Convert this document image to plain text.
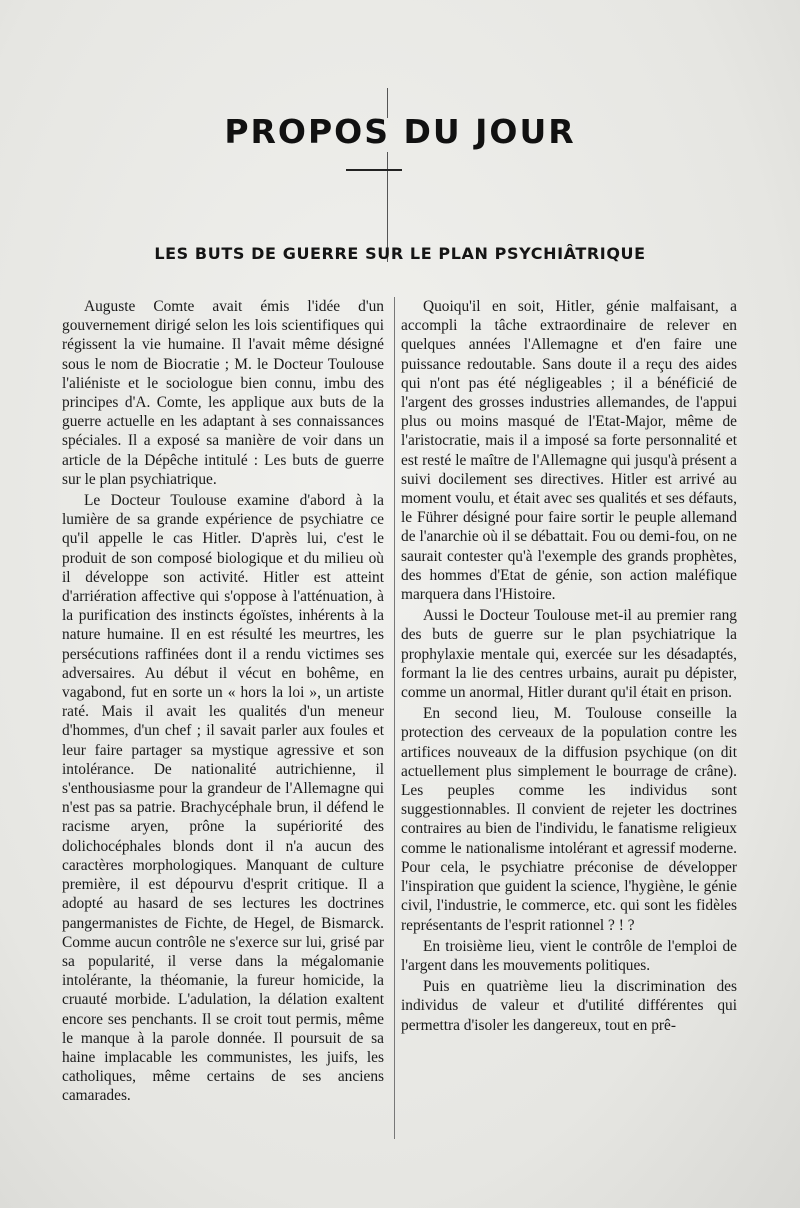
PROPOS DU JOUR
LES BUTS DE GUERRE SUR LE PLAN PSYCHIÂTRIQUE

Auguste Comte avait émis l'idée d'un gouvernement dirigé selon les lois scientifiques qui régissent la vie humaine. Il l'avait même désigné sous le nom de Biocratie ; M. le Docteur Toulouse l'aliéniste et le sociologue bien connu, imbu des principes d'A. Comte, les applique aux buts de la guerre actuelle en les adaptant à ses connaissances spéciales. Il a exposé sa manière de voir dans un article de la Dépêche intitulé : Les buts de guerre sur le plan psychiatrique.

Le Docteur Toulouse examine d'abord à la lumière de sa grande expérience de psychiatre ce qu'il appelle le cas Hitler. D'après lui, c'est le produit de son composé biologique et du milieu où il développe son activité. Hitler est atteint d'arriération affective qui s'oppose à l'atténuation, à la purification des instincts égoïstes, inhérents à la nature humaine. Il en est résulté les meurtres, les persécutions raffinées dont il a rendu victimes ses adversaires. Au début il vécut en bohême, en vagabond, fut en sorte un « hors la loi », un artiste raté. Mais il avait les qualités d'un meneur d'hommes, d'un chef ; il savait parler aux foules et leur faire partager sa mystique agressive et son intolérance. De nationalité autrichienne, il s'enthousiasme pour la grandeur de l'Allemagne qui n'est pas sa patrie. Brachycéphale brun, il défend le racisme aryen, prône la supériorité des dolichocéphales blonds dont il n'a aucun des caractères morphologiques. Manquant de culture première, il est dépourvu d'esprit critique. Il a adopté au hasard de ses lectures les doctrines pangermanistes de Fichte, de Hegel, de Bismarck. Comme aucun contrôle ne s'exerce sur lui, grisé par sa popularité, il verse dans la mégalomanie intolérante, la théomanie, la fureur homicide, la cruauté morbide. L'adulation, la délation exaltent encore ses penchants. Il se croit tout permis, même le manque à la parole donnée. Il poursuit de sa haine implacable les communistes, les juifs, les catholiques, même certains de ses anciens camarades.

Quoiqu'il en soit, Hitler, génie malfaisant, a accompli la tâche extraordinaire de relever en quelques années l'Allemagne et d'en faire une puissance redoutable. Sans doute il a reçu des aides qui n'ont pas été négligeables ; il a bénéficié de l'argent des grosses industries allemandes, de l'appui plus ou moins masqué de l'Etat-Major, même de l'aristocratie, mais il a imposé sa forte personnalité et est resté le maître de l'Allemagne qui jusqu'à présent a suivi docilement ses directives. Hitler est arrivé au moment voulu, et était avec ses qualités et ses défauts, le Führer désigné pour faire sortir le peuple allemand de l'anarchie où il se débattait. Fou ou demi-fou, on ne saurait contester qu'à l'exemple des grands prophètes, des hommes d'Etat de génie, son action maléfique marquera dans l'Histoire.

Aussi le Docteur Toulouse met-il au premier rang des buts de guerre sur le plan psychiatrique la prophylaxie mentale qui, exercée sur les désadaptés, formant la lie des centres urbains, aurait pu dépister, comme un anormal, Hitler durant qu'il était en prison.

En second lieu, M. Toulouse conseille la protection des cerveaux de la population contre les artifices nouveaux de la diffusion psychique (on dit actuellement plus simplement le bourrage de crâne). Les peuples comme les individus sont suggestionnables. Il convient de rejeter les doctrines contraires au bien de l'individu, le fanatisme religieux comme le nationalisme intolérant et agressif moderne. Pour cela, le psychiatre préconise de développer l'inspiration que guident la science, l'hygiène, le génie civil, l'industrie, le commerce, etc. qui sont les fidèles représentants de l'esprit rationnel ? ! ?

En troisième lieu, vient le contrôle de l'emploi de l'argent dans les mouvements politiques.

Puis en quatrième lieu la discrimination des individus de valeur et d'utilité différentes qui permettra d'isoler les dangereux, tout en prê-
